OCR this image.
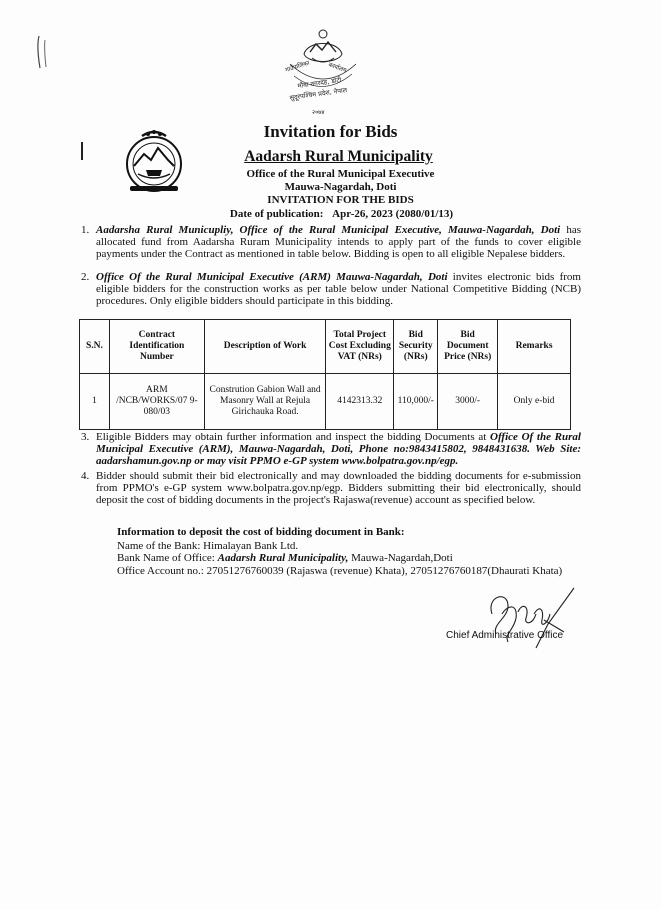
गाउँपालिका	कार्यालय
मौवा नगरदह, डोटी
सुदूरपश्चिम प्रदेश, नेपाल
२०७४
Invitation for Bids
Aadarsh Rural Municipality
Office of the Rural Municipal Executive
Mauwa-Nagardah, Doti
INVITATION FOR THE BIDS
Date of publication: Apr-26, 2023 (2080/01/13)
1. Aadarsha Rural Municupliy, Office of the Rural Municipal Executive, Mauwa-Nagardah, Doti has allocated fund from Aadarsha Ruram Municipality intends to apply part of the funds to cover eligible payments under the Contract as mentioned in table below. Bidding is open to all eligible Nepalese bidders.
2. Office Of the Rural Municipal Executive (ARM) Mauwa-Nagardah, Doti invites electronic bids from eligible bidders for the construction works as per table below under National Competitive Bidding (NCB) procedures. Only eligible bidders should participate in this bidding.
S.N.	Contract Identification Number	Description of Work	Total Project Cost Excluding VAT (NRs)	Bid Security (NRs)	Bid Document Price (NRs)	Remarks
1	ARM /NCB/WORKS/07 9-080/03	Constrution Gabion Wall and Masonry Wall at Rejula Girichauka Road.	4142313.32	110,000/-	3000/-	Only e-bid
3. Eligible Bidders may obtain further information and inspect the bidding Documents at Office Of the Rural Municipal Executive (ARM), Mauwa-Nagardah, Doti, Phone no:9843415802, 9848431638. Web Site: aadarshamun.gov.np or may visit PPMO e-GP system www.bolpatra.gov.np/egp.
4. Bidder should submit their bid electronically and may downloaded the bidding documents for e-submission from PPMO's e-GP system www.bolpatra.gov.np/egp. Bidders submitting their bid electronically, should deposit the cost of bidding documents in the project's Rajaswa(revenue) account as specified below.
Information to deposit the cost of bidding document in Bank:
Name of the Bank: Himalayan Bank Ltd.
Bank Name of Office: Aadarsh Rural Municipality, Mauwa-Nagardah,Doti
Office Account no.: 27051276760039 (Rajaswa (revenue) Khata), 27051276760187(Dhaurati Khata)
Chief Administrative Office
